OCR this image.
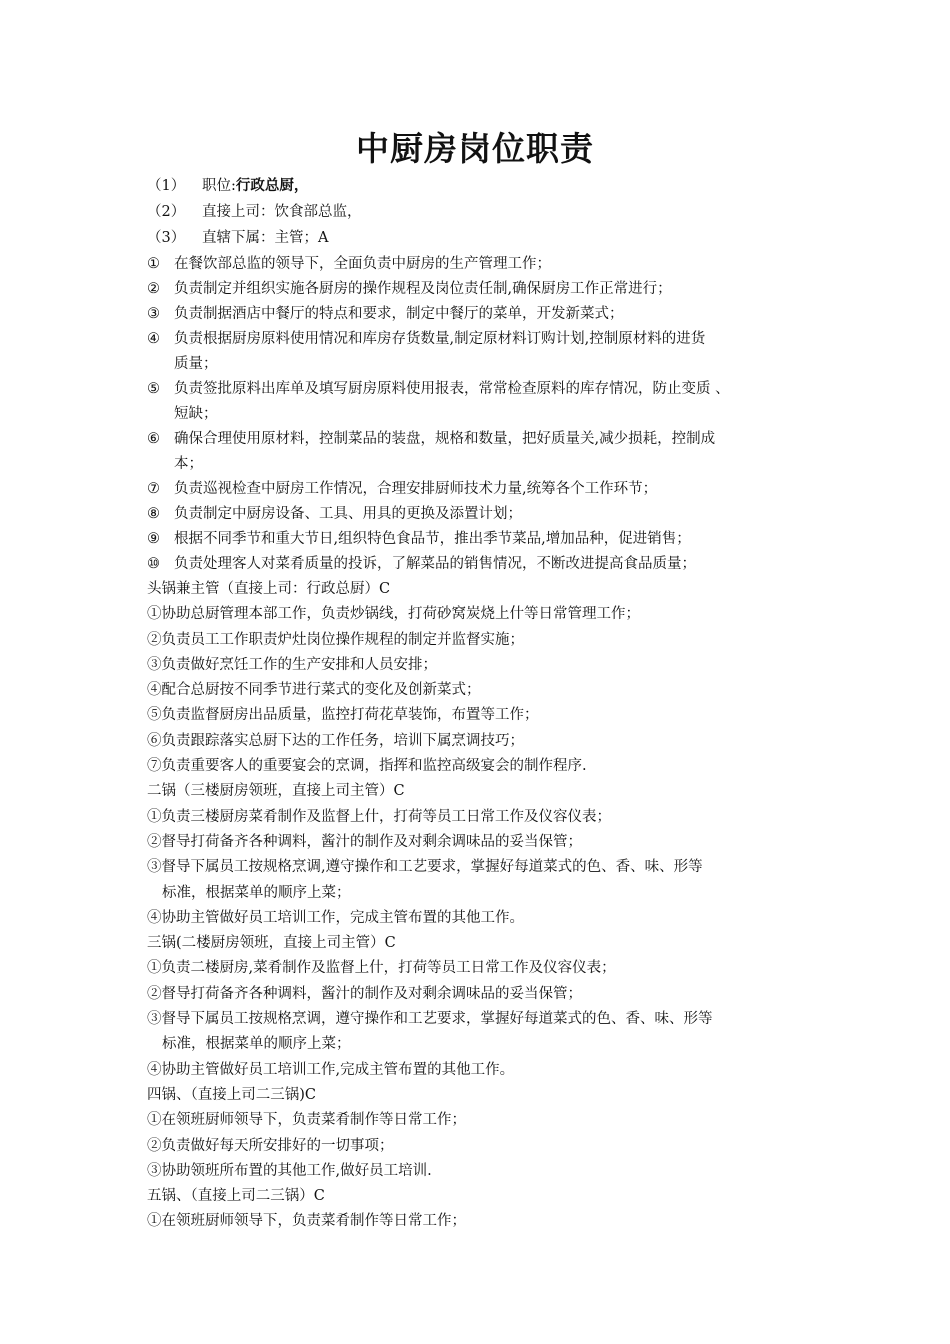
中厨房岗位职责
（1） 职位:行政总厨，
（2） 直接上司：饮食部总监，
（3） 直辖下属：主管；A
① 在餐饮部总监的领导下，全面负责中厨房的生产管理工作；
② 负责制定并组织实施各厨房的操作规程及岗位责任制,确保厨房工作正常进行；
③ 负责制据酒店中餐厅的特点和要求，制定中餐厅的菜单，开发新菜式；
④ 负责根据厨房原料使用情况和库房存货数量,制定原材料订购计划,控制原材料的进货
质量；
⑤ 负责签批原料出库单及填写厨房原料使用报表，常常检查原料的库存情况，防止变质 、
短缺；
⑥ 确保合理使用原材料，控制菜品的装盘，规格和数量，把好质量关,减少损耗，控制成
本；
⑦ 负责巡视检查中厨房工作情况，合理安排厨师技术力量,统筹各个工作环节；
⑧ 负责制定中厨房设备、工具、用具的更换及添置计划；
⑨ 根据不同季节和重大节日,组织特色食品节，推出季节菜品,增加品种，促进销售；
⑩ 负责处理客人对菜肴质量的投诉，了解菜品的销售情况，不断改进提高食品质量；
头锅兼主管（直接上司：行政总厨）C
①协助总厨管理本部工作，负责炒锅线，打荷砂窝炭烧上什等日常管理工作；
②负责员工工作职责炉灶岗位操作规程的制定并监督实施；
③负责做好烹饪工作的生产安排和人员安排；
④配合总厨按不同季节进行菜式的变化及创新菜式；
⑤负责监督厨房出品质量，监控打荷花草装饰，布置等工作；
⑥负责跟踪落实总厨下达的工作任务，培训下属烹调技巧；
⑦负责重要客人的重要宴会的烹调，指挥和监控高级宴会的制作程序.
二锅（三楼厨房领班，直接上司主管）C
①负责三楼厨房菜肴制作及监督上什，打荷等员工日常工作及仪容仪表；
②督导打荷备齐各种调料，酱汁的制作及对剩余调味品的妥当保管；
③督导下属员工按规格烹调,遵守操作和工艺要求，掌握好每道菜式的色、香、味、形等
标准，根据菜单的顺序上菜；
④协助主管做好员工培训工作，完成主管布置的其他工作。
三锅(二楼厨房领班，直接上司主管）C
①负责二楼厨房,菜肴制作及监督上什，打荷等员工日常工作及仪容仪表；
②督导打荷备齐各种调料，酱汁的制作及对剩余调味品的妥当保管；
③督导下属员工按规格烹调，遵守操作和工艺要求，掌握好每道菜式的色、香、味、形等
标准，根据菜单的顺序上菜；
④协助主管做好员工培训工作,完成主管布置的其他工作。
四锅、（直接上司二三锅)C
①在领班厨师领导下，负责菜肴制作等日常工作；
②负责做好每天所安排好的一切事项；
③协助领班所布置的其他工作,做好员工培训.
五锅、（直接上司二三锅）C
①在领班厨师领导下，负责菜肴制作等日常工作；
